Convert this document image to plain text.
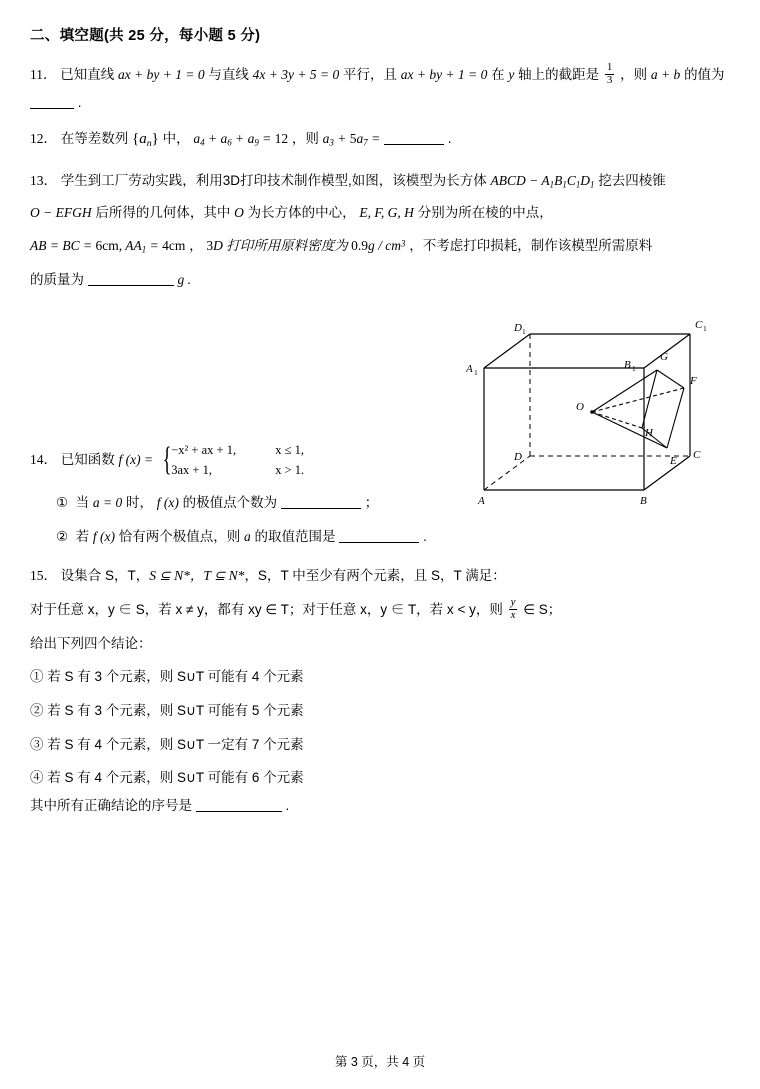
二、填空题(共 25 分，每小题 5 分)
11． 已知直线 ax + by + 1 = 0 与直线 4x + 3y + 5 = 0 平行，且 ax + by + 1 = 0 在 y 轴上的截距是 $\frac{1}{3}$ ，则 a + b 的值为  .
12． 在等差数列 $\{a_n\}$ 中， $a_4 + a_6 + a_9 = 12$ ，则 $a_3 + 5a_7$ =	.
13． 学生到工厂劳动实践，利用3D打印技术制作模型,如图，该模型为长方体 ABCD − $A_1B_1C_1D_1$ 挖去四棱锥
O − EFGH 后所得的几何体，其中 O 为长方体的中心， E, F, G, H 分别为所在棱的中点，
AB = BC = 6cm, $AA_1 = 4cm$ ， 3D 打印所用原料密度为 $0.9g / cm^3$ ，不考虑打印损耗，制作该模型所需原料
的质量为	g .
14． 已知函数 f (x) = { −x² + ax + 1,	x ≤ 1,
3ax + 1,	x > 1.
① 当 a = 0 时， f (x) 的极值点个数为	；
② 若 f (x) 恰有两个极值点，则 a 的取值范围是	.
15． 设集合 S，T，S ⊆ N*，T ⊆ N*，S，T 中至少有两个元素，且 S，T 满足：
对于任意 x，y ∈ S，若 x ≠ y，都有 xy ∈ T；对于任意 x，y ∈ T，若 x < y，则 $\frac{y}{x}$ ∈ S；
给出下列四个结论：
① 若 S 有 3 个元素，则 S∪T 可能有 4 个元素
② 若 S 有 3 个元素，则 S∪T 可能有 5 个元素
③ 若 S 有 4 个元素，则 S∪T 一定有 7 个元素
④ 若 S 有 4 个元素，则 S∪T 可能有 6 个元素
其中所有正确结论的序号是	.
D 1
C 1
A 1
B 1
G
F
O
H
C
D	E
A	B
第 3 页，共 4 页
